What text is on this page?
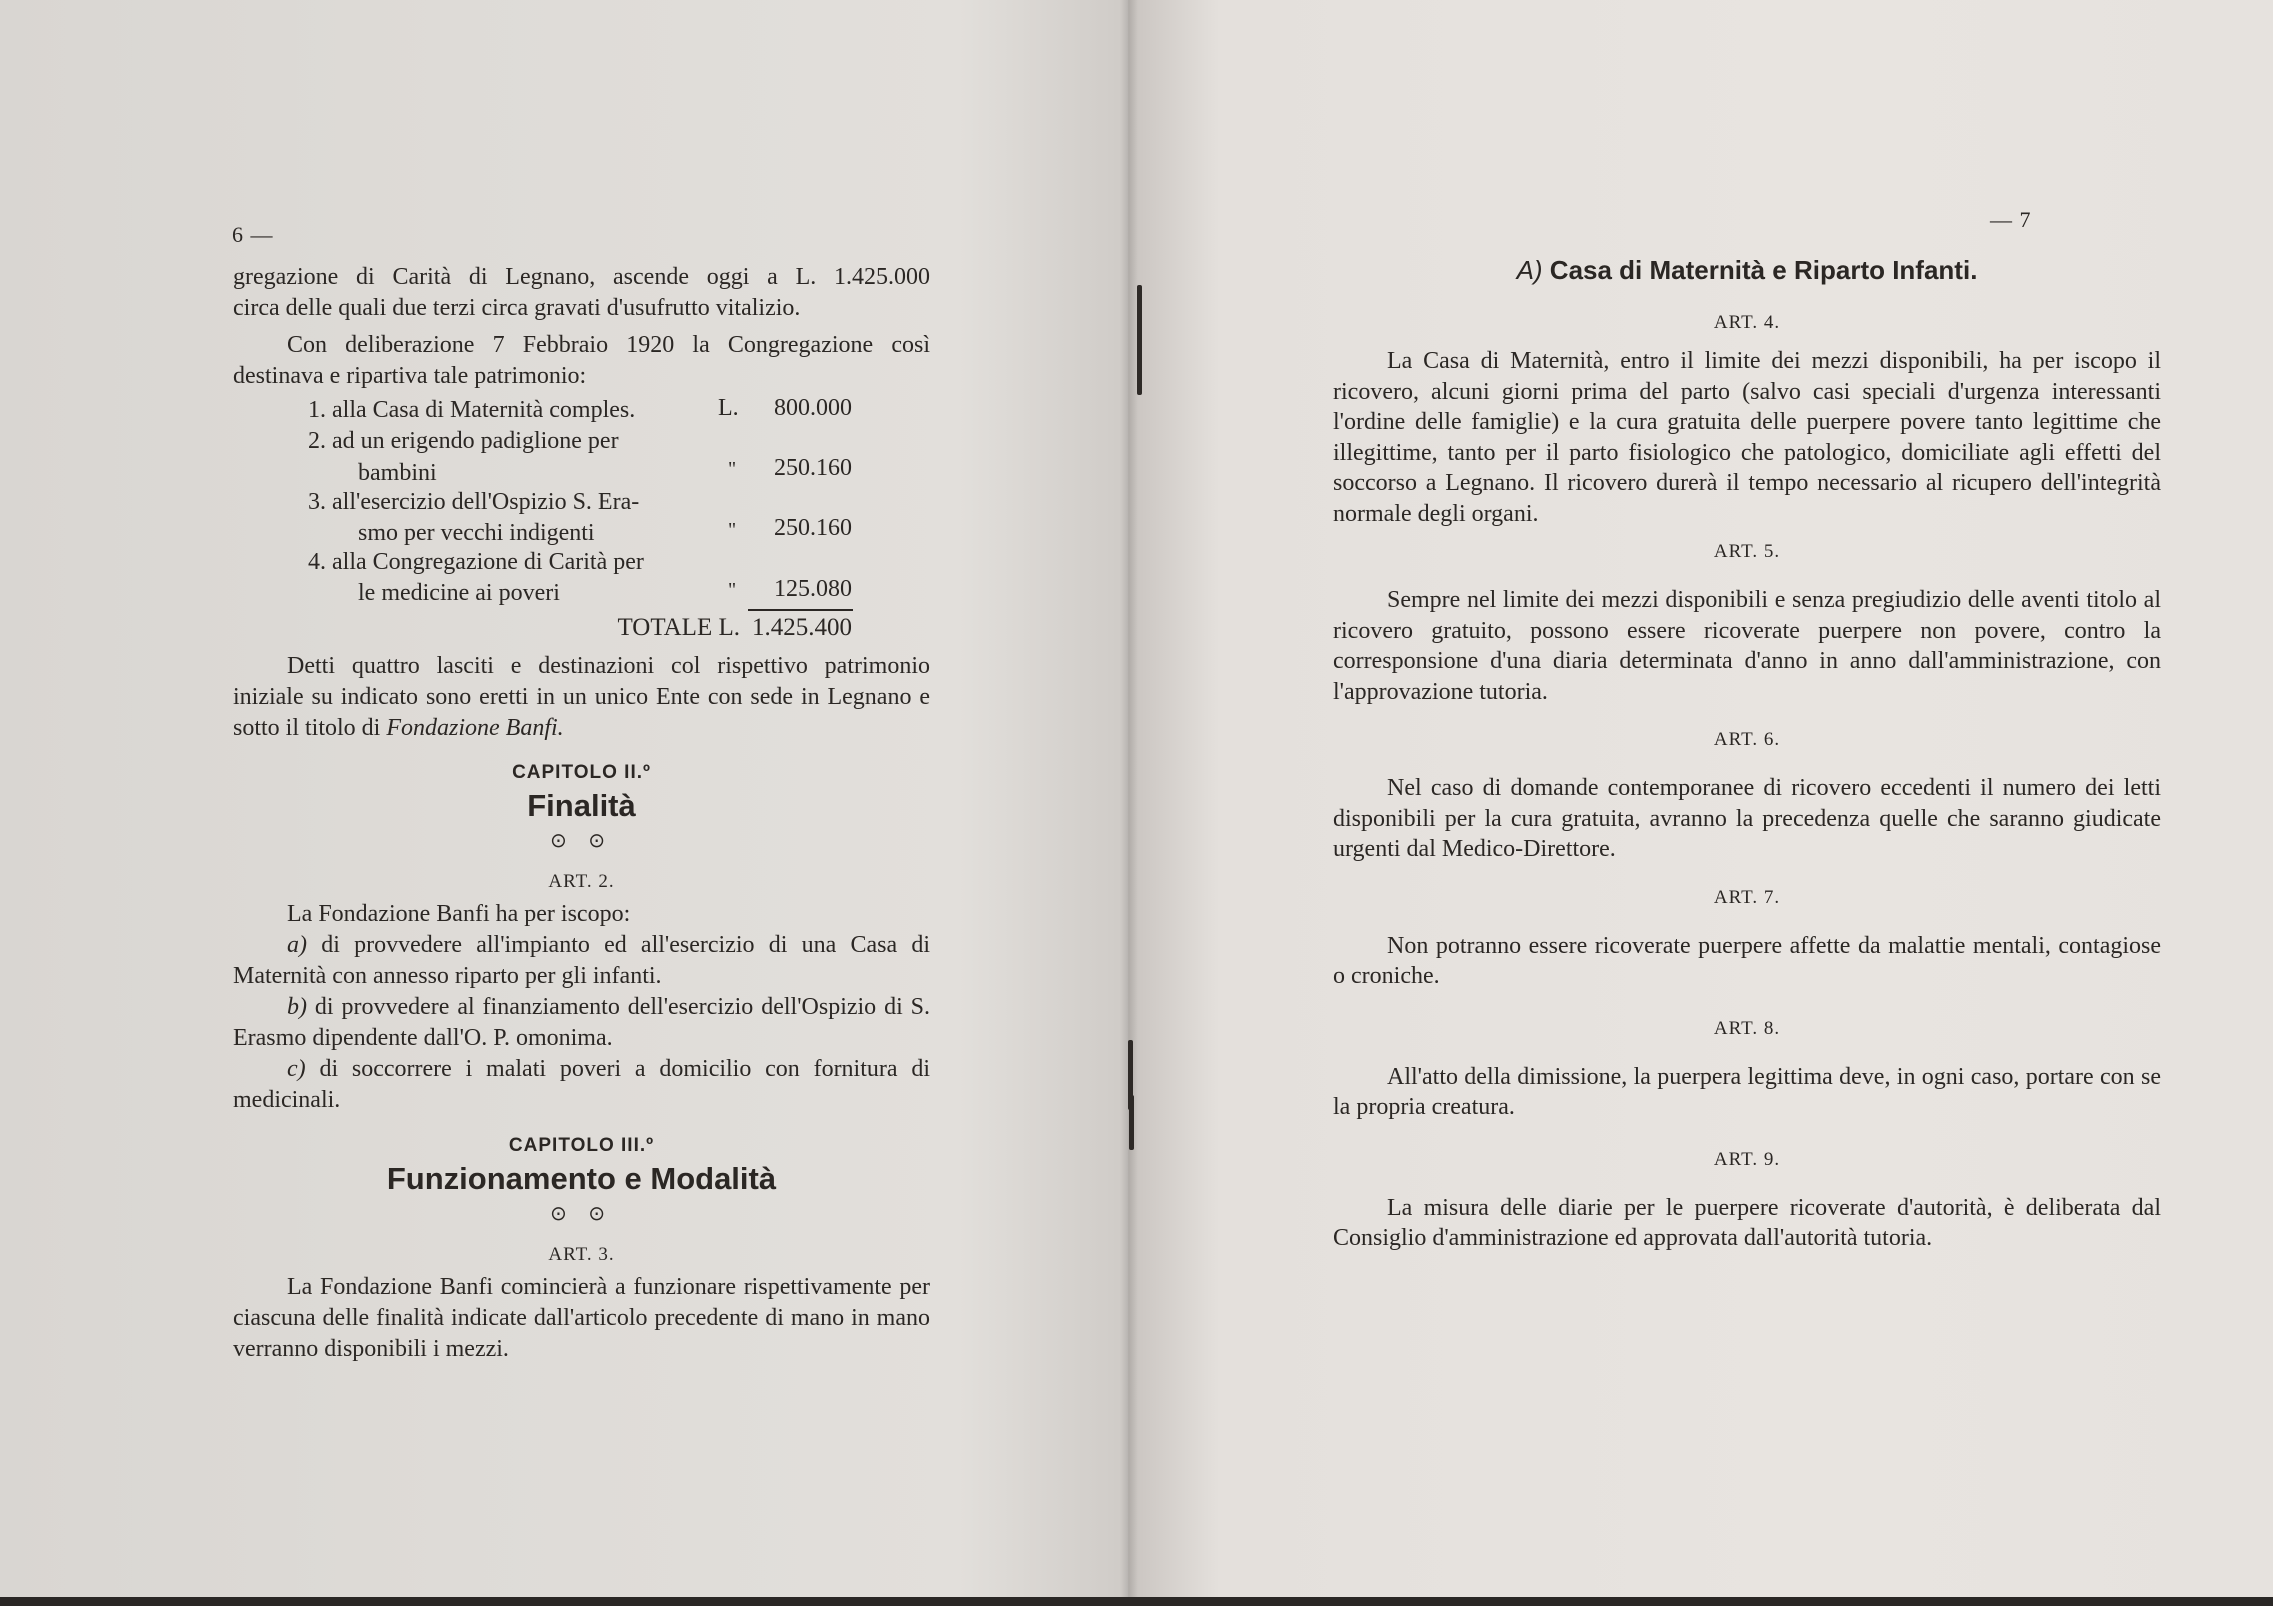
6 —

gregazione di Carità di Legnano, ascende oggi a L. 1.425.000

circa delle quali due terzi circa gravati d'usufrutto vitalizio.

Con deliberazione 7 Febbraio 1920 la Congregazione così destinava e ripartiva tale patrimonio:

1. alla Casa di Maternità comples.	L.	800.000
2. ad un erigendo padiglione per
bambini	"	250.160
3. all'esercizio dell'Ospizio S. Era-
smo per vecchi indigenti	"	250.160
4. alla Congregazione di Carità per
le medicine ai poveri	"	125.080
TOTALE L. 1.425.400

Detti quattro lasciti e destinazioni col rispettivo patrimonio iniziale su indicato sono eretti in un unico Ente con sede in Legnano e sotto il titolo di Fondazione Banfi.

CAPITOLO II.º
Finalità
⊙ ⊙
ART. 2.

La Fondazione Banfi ha per iscopo:

a) di provvedere all'impianto ed all'esercizio di una Casa di Maternità con annesso riparto per gli infanti.

b) di provvedere al finanziamento dell'esercizio dell'Ospizio di S. Erasmo dipendente dall'O. P. omonima.

c) di soccorrere i malati poveri a domicilio con fornitura di medicinali.

CAPITOLO III.º
Funzionamento e Modalità
⊙ ⊙
ART. 3.

La Fondazione Banfi comincierà a funzionare rispettivamente per ciascuna delle finalità indicate dall'articolo precedente di mano in mano verranno disponibili i mezzi.

— 7
A) Casa di Maternità e Riparto Infanti.
ART. 4.

La Casa di Maternità, entro il limite dei mezzi disponibili, ha per iscopo il ricovero, alcuni giorni prima del parto (salvo casi speciali d'urgenza interessanti l'ordine delle famiglie) e la cura gratuita delle puerpere povere tanto legittime che illegittime, tanto per il parto fisiologico che patologico, domiciliate agli effetti del soccorso a Legnano. Il ricovero durerà il tempo necessario al ricupero dell'integrità normale degli organi.

ART. 5.

Sempre nel limite dei mezzi disponibili e senza pregiudizio delle aventi titolo al ricovero gratuito, possono essere ricoverate puerpere non povere, contro la corresponsione d'una diaria determinata d'anno in anno dall'amministrazione, con l'approvazione tutoria.

ART. 6.

Nel caso di domande contemporanee di ricovero eccedenti il numero dei letti disponibili per la cura gratuita, avranno la precedenza quelle che saranno giudicate urgenti dal Medico-Direttore.

ART. 7.

Non potranno essere ricoverate puerpere affette da malattie mentali, contagiose o croniche.

ART. 8.

All'atto della dimissione, la puerpera legittima deve, in ogni caso, portare con se la propria creatura.

ART. 9.

La misura delle diarie per le puerpere ricoverate d'autorità, è deliberata dal Consiglio d'amministrazione ed approvata dall'autorità tutoria.
